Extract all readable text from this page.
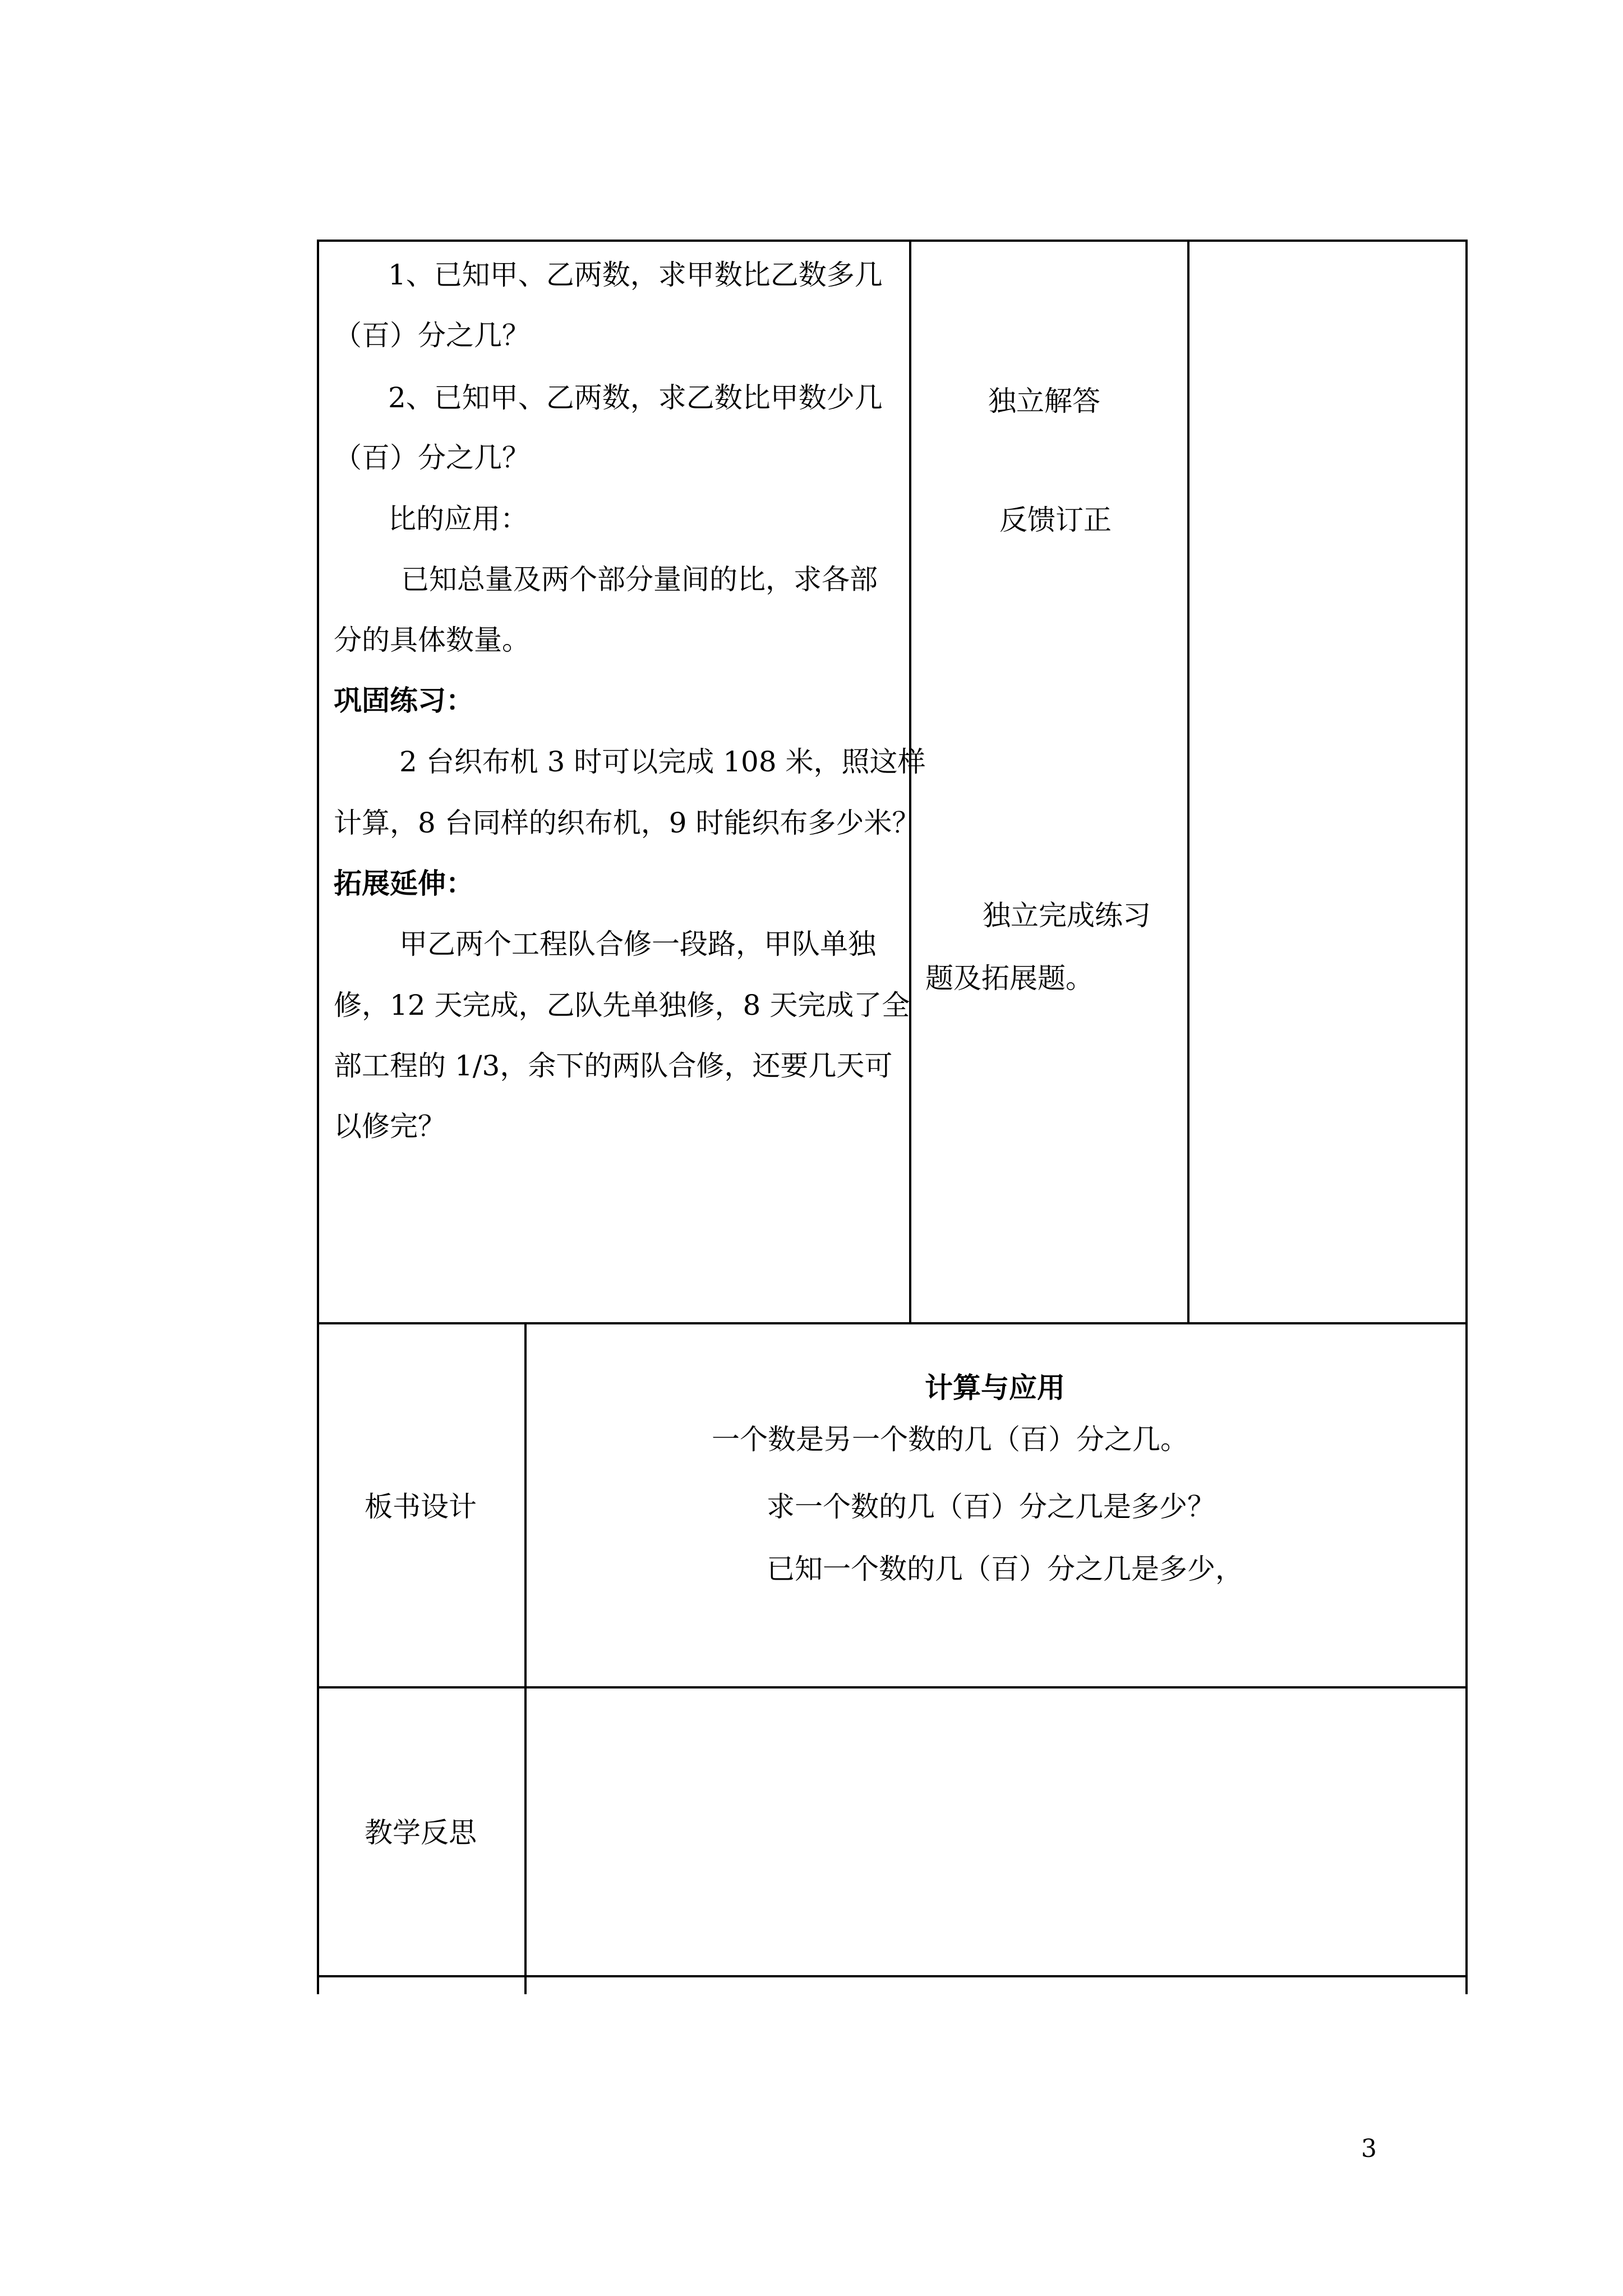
1、已知甲、乙两数，求甲数比乙数多几
（百）分之几？
2、已知甲、乙两数，求乙数比甲数少几
（百）分之几？
比的应用：
已知总量及两个部分量间的比，求各部
分的具体数量。
巩固练习：
2 台织布机 3 时可以完成 108 米，照这样
计算，8 台同样的织布机，9 时能织布多少米？
拓展延伸：
甲乙两个工程队合修一段路，甲队单独
修，12 天完成，乙队先单独修，8 天完成了全
部工程的 1/3，余下的两队合修，还要几天可
以修完？
独立解答
反馈订正
独立完成练习
题及拓展题。
板书设计
计算与应用
一个数是另一个数的几（百）分之几。
求一个数的几（百）分之几是多少？
已知一个数的几（百）分之几是多少，
教学反思
3
